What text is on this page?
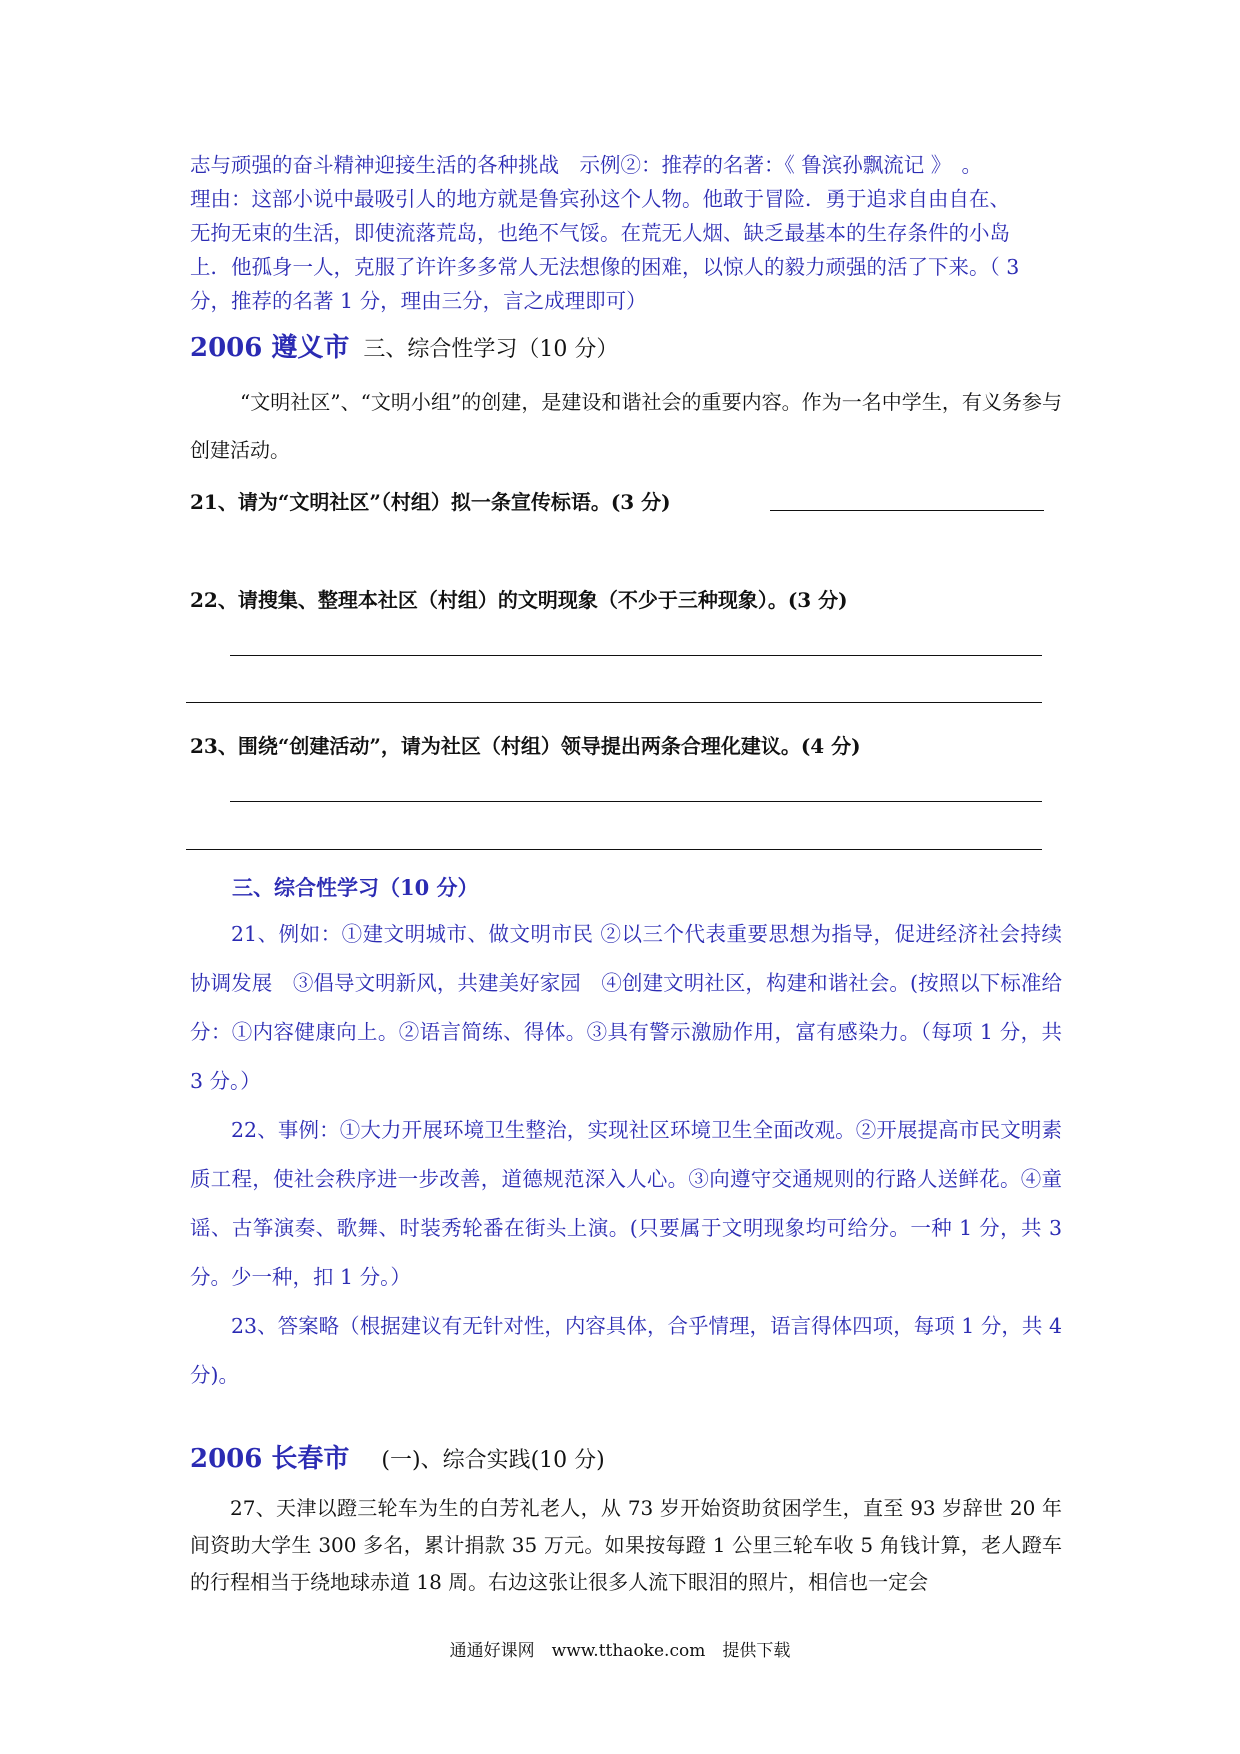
志与顽强的奋斗精神迎接生活的各种挑战　示例②：推荐的名著：《 鲁滨孙飘流记 》　。

理由：这部小说中最吸引人的地方就是鲁宾孙这个人物。他敢于冒险．勇于追求自由自在、

无拘无束的生活，即使流落荒岛，也绝不气馁。在荒无人烟、缺乏最基本的生存条件的小岛

上．他孤身一人，克服了许许多多常人无法想像的困难，以惊人的毅力顽强的活了下来。（ 3

分，推荐的名著 1 分，理由三分，言之成理即可）

2006 遵义市 三、综合性学习（10 分）
“文明社区”、“文明小组”的创建，是建设和谐社会的重要内容。作为一名中学生，有义务参与创建活动。
21、请为“文明社区”（村组）拟一条宣传标语。(3 分)
22、请搜集、整理本社区（村组）的文明现象（不少于三种现象）。(3 分)
23、围绕“创建活动”，请为社区（村组）领导提出两条合理化建议。(4 分)
三、综合性学习（10 分）

21、例如：①建文明城市、做文明市民 ②以三个代表重要思想为指导，促进经济社会持续协调发展　③倡导文明新风，共建美好家园　④创建文明社区，构建和谐社会。(按照以下标准给分：①内容健康向上。②语言简练、得体。③具有警示激励作用，富有感染力。（每项 1 分，共 3 分。）

22、事例：①大力开展环境卫生整治，实现社区环境卫生全面改观。②开展提高市民文明素质工程，使社会秩序进一步改善，道德规范深入人心。③向遵守交通规则的行路人送鲜花。④童谣、古筝演奏、歌舞、时装秀轮番在街头上演。(只要属于文明现象均可给分。一种 1 分，共 3 分。少一种，扣 1 分。）

23、答案略（根据建议有无针对性，内容具体，合乎情理，语言得体四项，每项 1 分，共 4 分)。

2006 长春市 (一)、综合实践(10 分)
27、天津以蹬三轮车为生的白芳礼老人，从 73 岁开始资助贫困学生，直至 93 岁辞世 20 年间资助大学生 300 多名，累计捐款 35 万元。如果按每蹬 1 公里三轮车收 5 角钱计算，老人蹬车的行程相当于绕地球赤道 18 周。右边这张让很多人流下眼泪的照片，相信也一定会
通通好课网　www.tthaoke.com　提供下载
